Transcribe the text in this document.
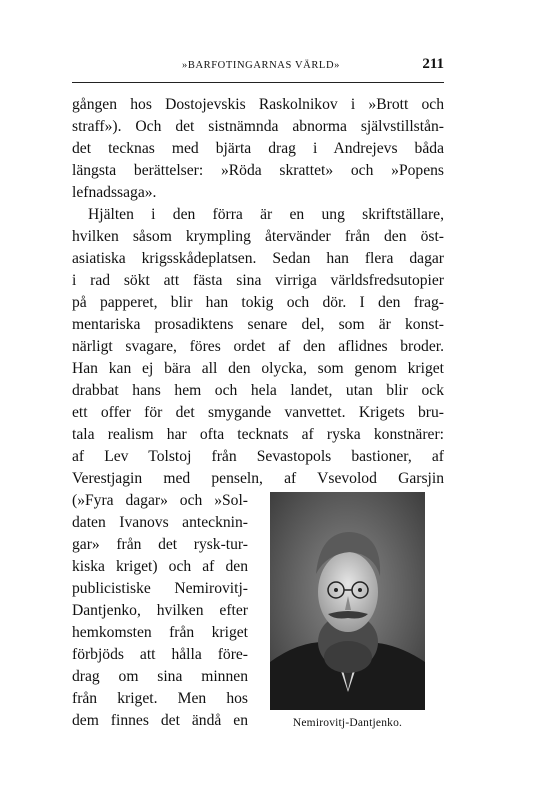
»BARFOTINGARNAS VÄRLD»	211
gången hos Dostojevskis Raskolnikov i »Brott och
straff»). Och det sistnämnda abnorma självstillstån-
det tecknas med bjärta drag i Andrejevs båda
längsta berättelser: »Röda skrattet» och »Popens
lefnadssaga».
Hjälten i den förra är en ung skriftställare,
hvilken såsom krympling återvänder från den öst-
asiatiska krigsskådeplatsen. Sedan han flera dagar
i rad sökt att fästa sina virriga världsfredsutopier
på papperet, blir han tokig och dör. I den frag-
mentariska prosadiktens senare del, som är konst-
närligt svagare, föres ordet af den aflidnes broder.
Han kan ej bära all den olycka, som genom kriget
drabbat hans hem och hela landet, utan blir ock
ett offer för det smygande vanvettet. Krigets bru-
tala realism har ofta tecknats af ryska konstnärer:
af Lev Tolstoj från Sevastopols bastioner, af
Verestjagin med penseln, af Vsevolod Garsjin
(»Fyra dagar» och »Sol-
daten Ivanovs antecknin-
gar» från det rysk-tur-
kiska kriget) och af den
publicistiske Nemirovitj-
Dantjenko, hvilken efter
hemkomsten från kriget
förbjöds att hålla före-
drag om sina minnen
från kriget. Men hos
dem finnes det ändå en	Nemirovitj-Dantjenko.
